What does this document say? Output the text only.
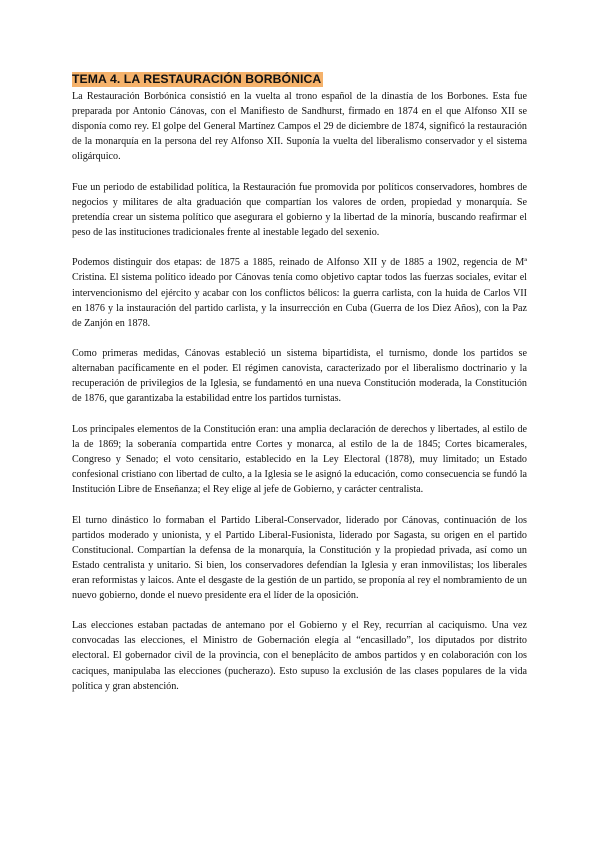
TEMA 4. LA RESTAURACIÓN BORBÓNICA

La Restauración Borbónica consistió en la vuelta al trono español de la dinastía de los Borbones. Esta fue preparada por Antonio Cánovas, con el Manifiesto de Sandhurst, firmado en 1874 en el que Alfonso XII se disponía como rey. El golpe del General Martínez Campos el 29 de diciembre de 1874, significó la restauración de la monarquía en la persona del rey Alfonso XII. Suponía la vuelta del liberalismo conservador y el sistema oligárquico.

Fue un periodo de estabilidad política, la Restauración fue promovida por políticos conservadores, hombres de negocios y militares de alta graduación que compartían los valores de orden, propiedad y monarquía. Se pretendía crear un sistema político que asegurara el gobierno y la libertad de la minoría, buscando reafirmar el peso de las instituciones tradicionales frente al inestable legado del sexenio.

Podemos distinguir dos etapas: de 1875 a 1885, reinado de Alfonso XII y de 1885 a 1902, regencia de Mª Cristina. El sistema político ideado por Cánovas tenía como objetivo captar todos las fuerzas sociales, evitar el intervencionismo del ejército y acabar con los conflictos bélicos: la guerra carlista, con la huida de Carlos VII en 1876 y la instauración del partido carlista, y la insurrección en Cuba (Guerra de los Diez Años), con la Paz de Zanjón en 1878.

Como primeras medidas, Cánovas estableció un sistema bipartidista, el turnismo, donde los partidos se alternaban pacíficamente en el poder. El régimen canovista, caracterizado por el liberalismo doctrinario y la recuperación de privilegios de la Iglesia, se fundamentó en una nueva Constitución moderada, la Constitución de 1876, que garantizaba la estabilidad entre los partidos turnistas.

Los principales elementos de la Constitución eran: una amplia declaración de derechos y libertades, al estilo de la de 1869; la soberanía compartida entre Cortes y monarca, al estilo de la de 1845; Cortes bicamerales, Congreso y Senado; el voto censitario, establecido en la Ley Electoral (1878), muy limitado; un Estado confesional cristiano con libertad de culto, a la Iglesia se le asignó la educación, como consecuencia se fundó la Institución Libre de Enseñanza; el Rey elige al jefe de Gobierno, y carácter centralista.

El turno dinástico lo formaban el Partido Liberal-Conservador, liderado por Cánovas, continuación de los partidos moderado y unionista, y el Partido Liberal-Fusionista, liderado por Sagasta, su origen en el partido Constitucional. Compartían la defensa de la monarquía, la Constitución y la propiedad privada, así como un Estado centralista y unitario. Si bien, los conservadores defendían la Iglesia y eran inmovilistas; los liberales eran reformistas y laicos. Ante el desgaste de la gestión de un partido, se proponía al rey el nombramiento de un nuevo gobierno, donde el nuevo presidente era el líder de la oposición.

Las elecciones estaban pactadas de antemano por el Gobierno y el Rey, recurrían al caciquismo. Una vez convocadas las elecciones, el Ministro de Gobernación elegía al “encasillado”, los diputados por distrito electoral. El gobernador civil de la provincia, con el beneplácito de ambos partidos y en colaboración con los caciques, manipulaba las elecciones (pucherazo). Esto supuso la exclusión de las clases populares de la vida política y gran abstención.
